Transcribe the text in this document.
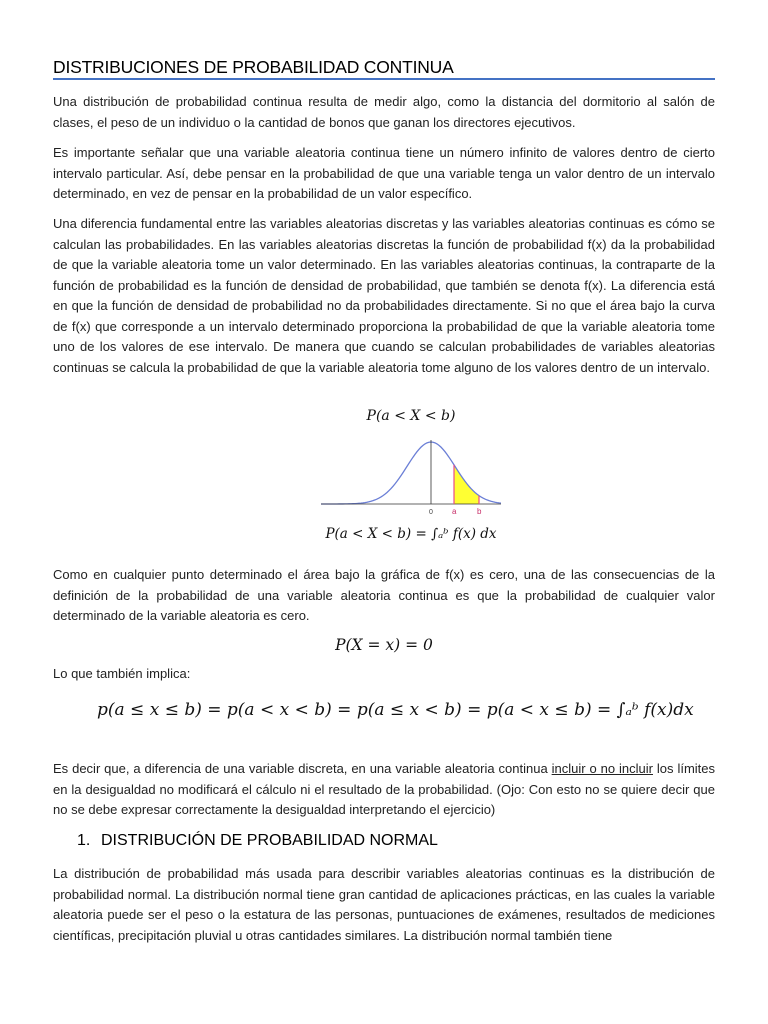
DISTRIBUCIONES DE PROBABILIDAD CONTINUA

Una distribución de probabilidad continua resulta de medir algo, como la distancia del dormitorio al salón de clases, el peso de un individuo o la cantidad de bonos que ganan los directores ejecutivos.

Es importante señalar que una variable aleatoria continua tiene un número infinito de valores dentro de cierto intervalo particular. Así, debe pensar en la probabilidad de que una variable tenga un valor dentro de un intervalo determinado, en vez de pensar en la probabilidad de un valor específico.

Una diferencia fundamental entre las variables aleatorias discretas y las variables aleatorias continuas es cómo se calculan las probabilidades. En las variables aleatorias discretas la función de probabilidad f(x) da la probabilidad de que la variable aleatoria tome un valor determinado. En las variables aleatorias continuas, la contraparte de la función de probabilidad es la función de densidad de probabilidad, que también se denota f(x). La diferencia está en que la función de densidad de probabilidad no da probabilidades directamente. Si no que el área bajo la curva de f(x) que corresponde a un intervalo determinado proporciona la probabilidad de que la variable aleatoria tome uno de los valores de ese intervalo. De manera que cuando se calculan probabilidades de variables aleatorias continuas se calcula la probabilidad de que la variable aleatoria tome alguno de los valores dentro de un intervalo.

P(a < X < b)
0 a	b
P(a < X < b) = ∫ₐᵇ f(x) dx

Como en cualquier punto determinado el área bajo la gráfica de f(x) es cero, una de las consecuencias de la definición de la probabilidad de una variable aleatoria continua es que la probabilidad de cualquier valor determinado de la variable aleatoria es cero.

P(X = x) = 0
Lo que también implica:
p(a ≤ x ≤ b) = p(a < x < b) = p(a ≤ x < b) = p(a < x ≤ b) = ∫ₐᵇ f(x)dx

Es decir que, a diferencia de una variable discreta, en una variable aleatoria continua incluir o no incluir los límites en la desigualdad no modificará el cálculo ni el resultado de la probabilidad. (Ojo: Con esto no se quiere decir que no se debe expresar correctamente la desigualdad interpretando el ejercicio)

1. DISTRIBUCIÓN DE PROBABILIDAD NORMAL

La distribución de probabilidad más usada para describir variables aleatorias continuas es la distribución de probabilidad normal. La distribución normal tiene gran cantidad de aplicaciones prácticas, en las cuales la variable aleatoria puede ser el peso o la estatura de las personas, puntuaciones de exámenes, resultados de mediciones científicas, precipitación pluvial u otras cantidades similares. La distribución normal también tiene
